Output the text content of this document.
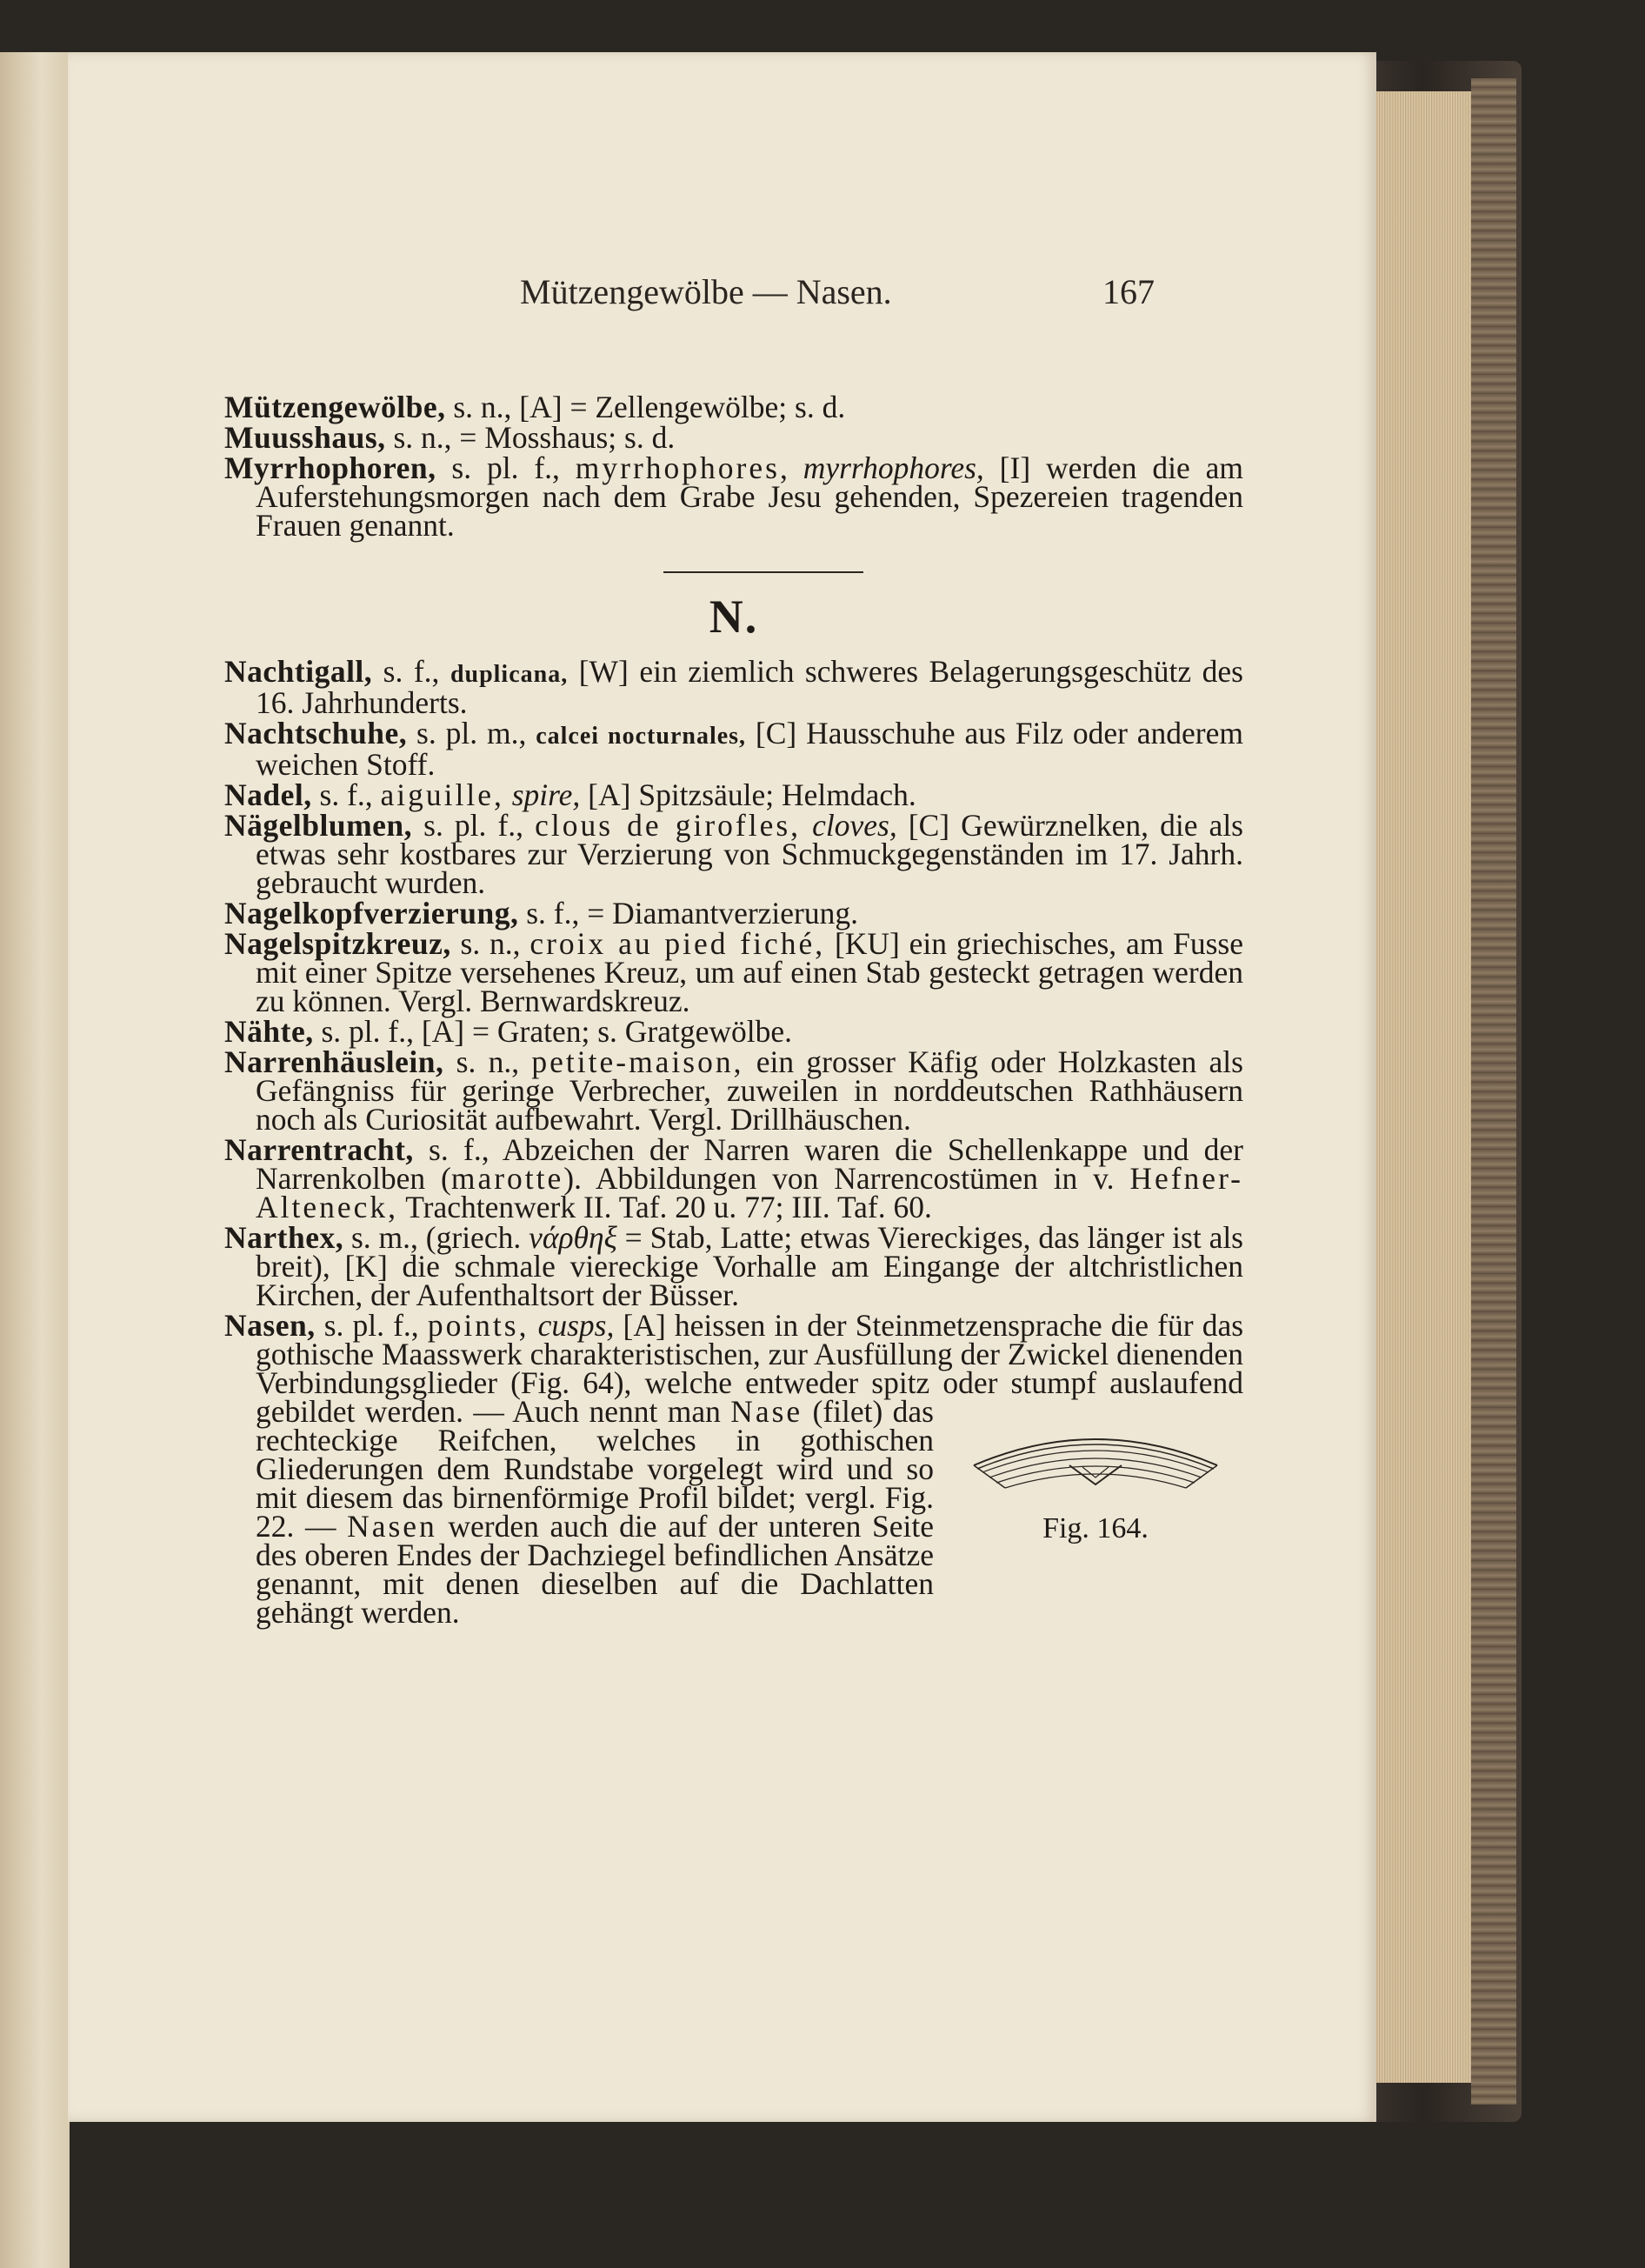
Mützengewölbe — Nasen.	167

Mützengewölbe, s. n., [A] = Zellengewölbe; s. d.

Muusshaus, s. n., = Mosshaus; s. d.

Myrrhophoren, s. pl. f., myrrhophores, myrrhophores, [I] werden die am Auferstehungsmorgen nach dem Grabe Jesu gehenden, Spezereien tragenden Frauen genannt.

N.

Nachtigall, s. f., duplicana, [W] ein ziemlich schweres Belagerungsgeschütz des 16. Jahrhunderts.

Nachtschuhe, s. pl. m., calcei nocturnales, [C] Hausschuhe aus Filz oder anderem weichen Stoff.

Nadel, s. f., aiguille, spire, [A] Spitzsäule; Helmdach.

Nägelblumen, s. pl. f., clous de girofles, cloves, [C] Gewürznelken, die als etwas sehr kostbares zur Verzierung von Schmuckgegenständen im 17. Jahrh. gebraucht wurden.

Nagelkopfverzierung, s. f., = Diamantverzierung.

Nagelspitzkreuz, s. n., croix au pied fiché, [KU] ein griechisches, am Fusse mit einer Spitze versehenes Kreuz, um auf einen Stab gesteckt getragen werden zu können. Vergl. Bernwardskreuz.

Nähte, s. pl. f., [A] = Graten; s. Gratgewölbe.

Narrenhäuslein, s. n., petite-maison, ein grosser Käfig oder Holzkasten als Gefängniss für geringe Verbrecher, zuweilen in norddeutschen Rathhäusern noch als Curiosität aufbewahrt. Vergl. Drillhäuschen.

Narrentracht, s. f., Abzeichen der Narren waren die Schellenkappe und der Narrenkolben (marotte). Abbildungen von Narrencostümen in v. Hefner-Alteneck, Trachtenwerk II. Taf. 20 u. 77; III. Taf. 60.

Narthex, s. m., (griech. νάρθηξ = Stab, Latte; etwas Viereckiges, das länger ist als breit), [K] die schmale viereckige Vorhalle am Eingange der altchristlichen Kirchen, der Aufenthaltsort der Büsser.

Nasen, s. pl. f., points, cusps, [A] heissen in der Steinmetzensprache die für das gothische Maasswerk charakteristischen, zur Ausfüllung der Zwickel dienenden Verbindungsglieder (Fig. 64), welche entweder spitz oder stumpf auslaufend gebildet werden. — Auch nennt man
Fig. 164.
Nase (filet) das rechteckige Reifchen, welches in gothischen Gliederungen dem Rundstabe vorgelegt wird und so mit diesem das birnenförmige Profil bildet; vergl. Fig. 22. — Nasen werden auch die auf der unteren Seite des oberen Endes der Dachziegel befindlichen Ansätze genannt, mit denen dieselben auf die Dachlatten gehängt werden.
